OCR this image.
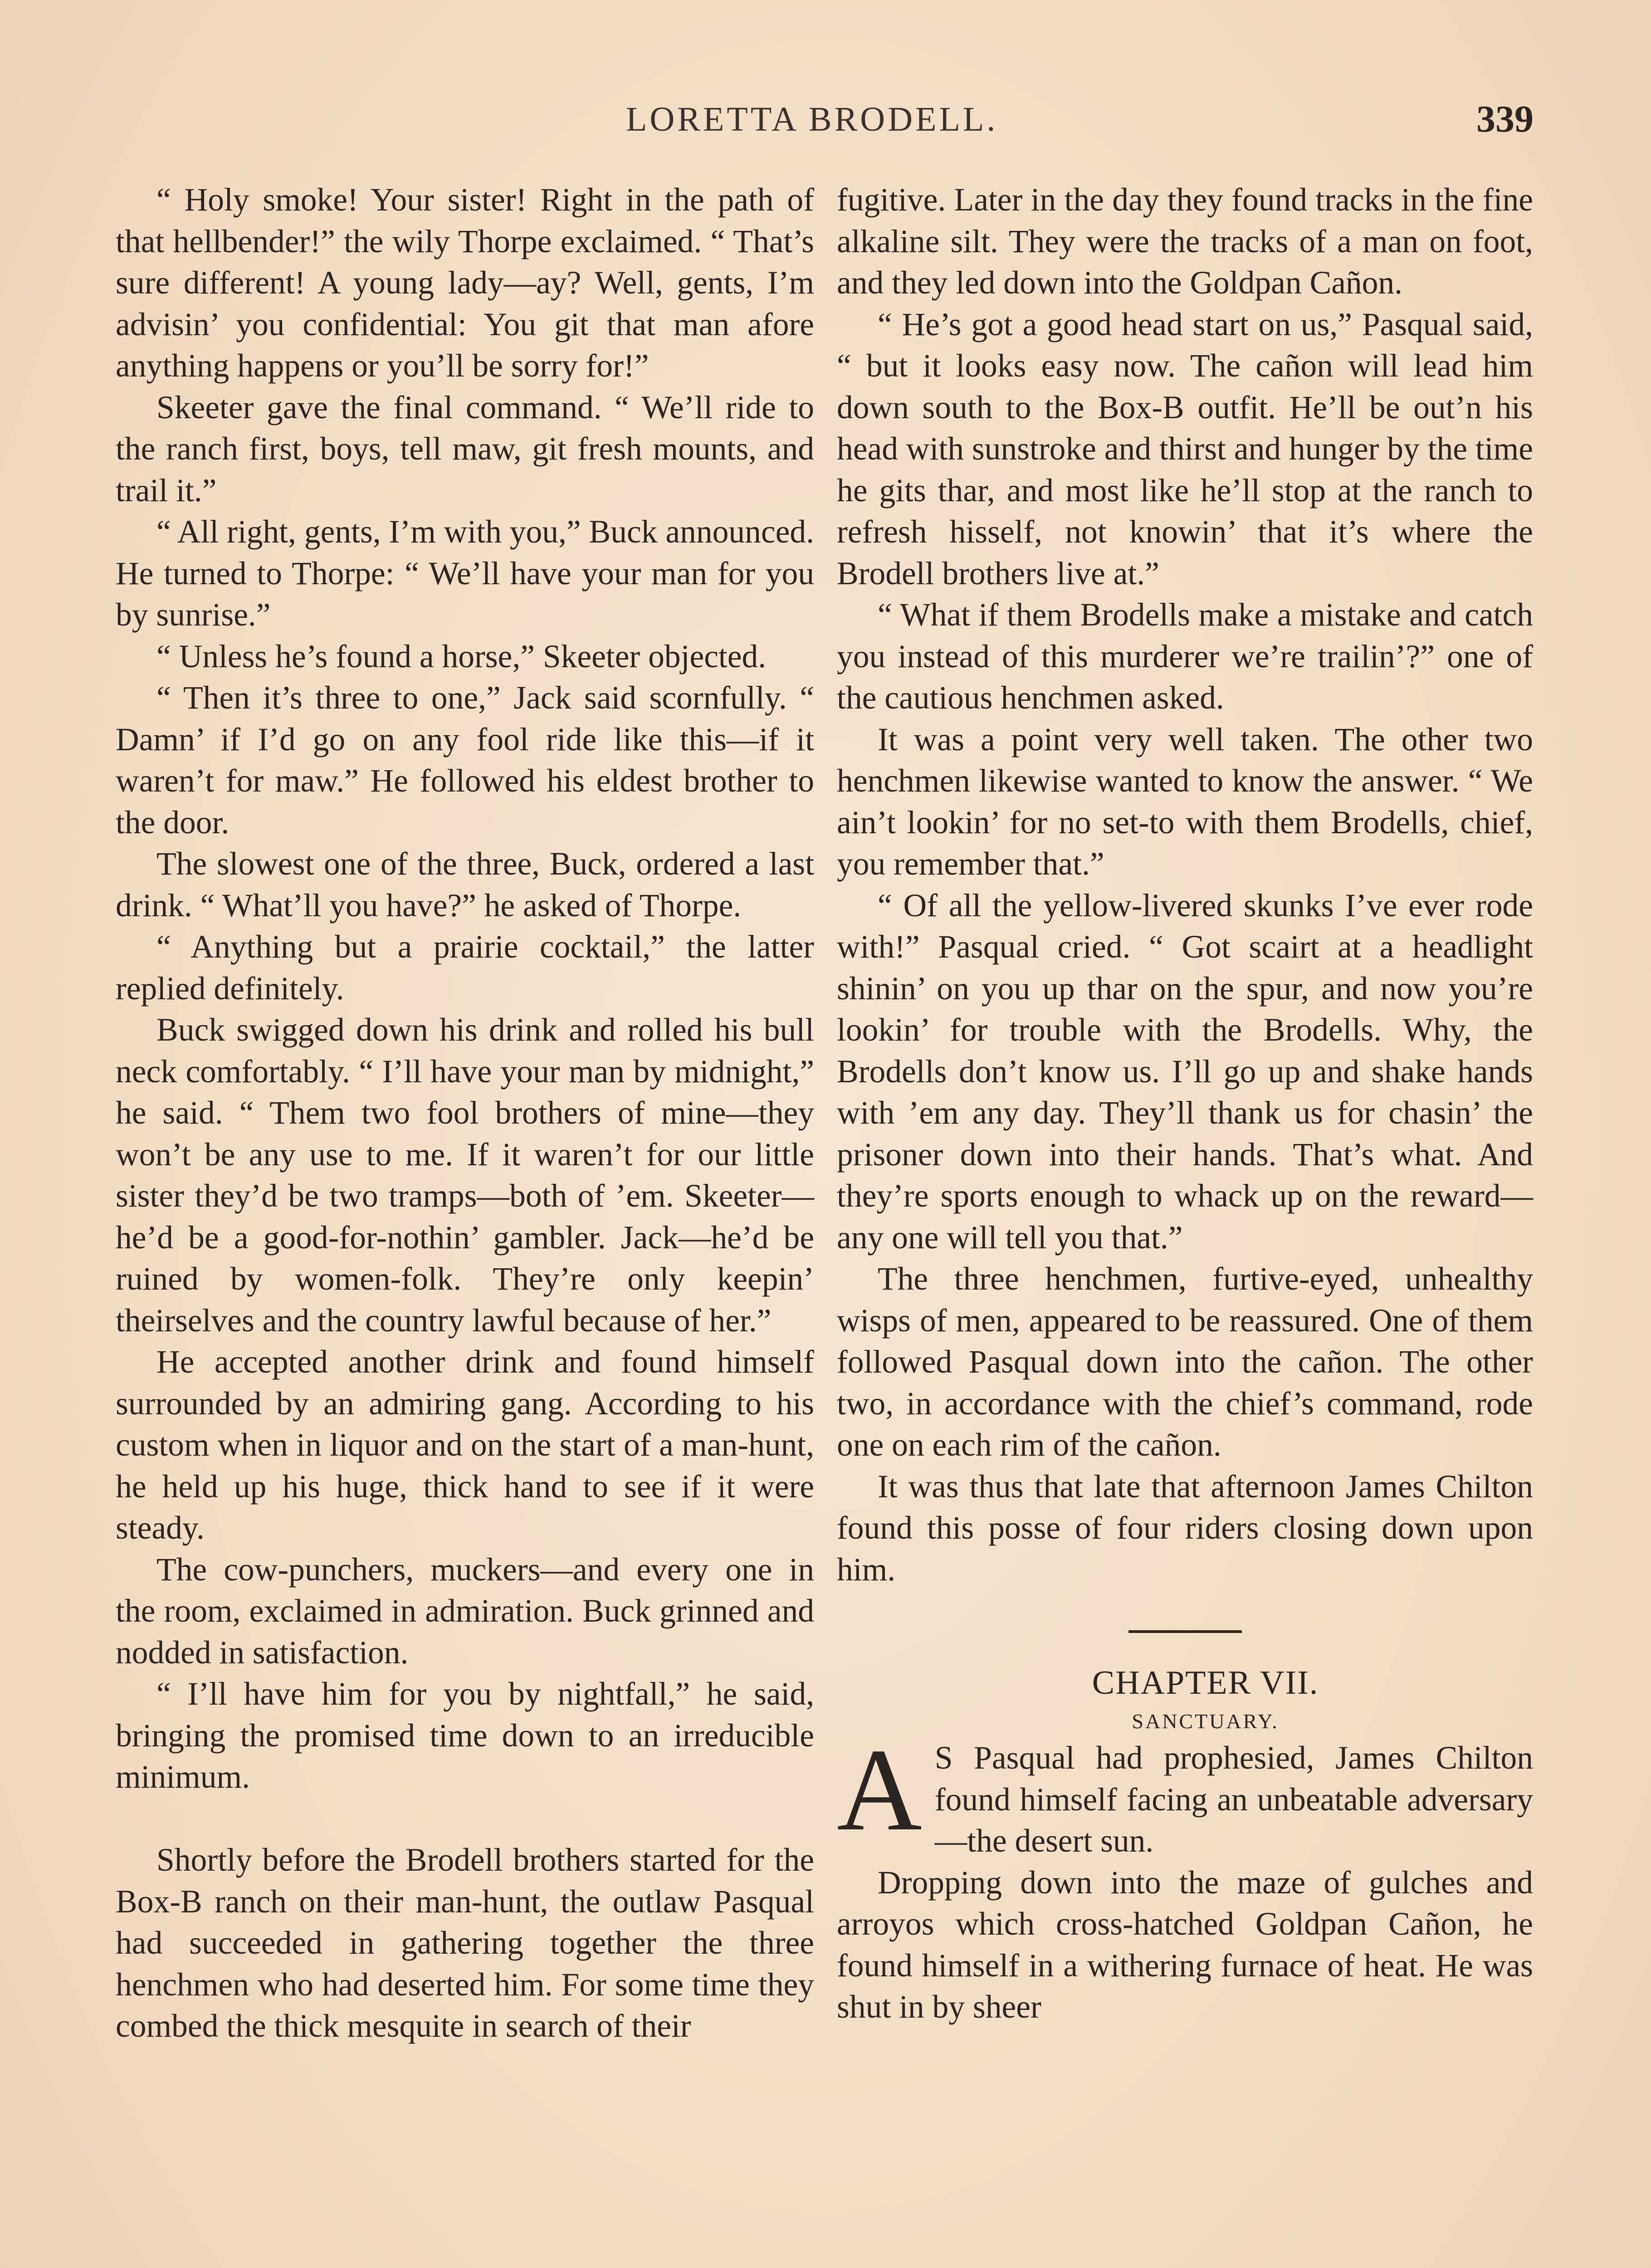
LORETTA BRODELL.	339

“ Holy smoke! Your sister! Right in the path of that hellbender!” the wily Thorpe exclaimed. “ That’s sure different! A young lady—ay? Well, gents, I’m advisin’ you confidential: You git that man afore anything happens or you’ll be sorry for!”

Skeeter gave the final command. “ We’ll ride to the ranch first, boys, tell maw, git fresh mounts, and trail it.”

“ All right, gents, I’m with you,” Buck announced. He turned to Thorpe: “ We’ll have your man for you by sunrise.”

“ Unless he’s found a horse,” Skeeter objected.

“ Then it’s three to one,” Jack said scornfully. “ Damn’ if I’d go on any fool ride like this—if it waren’t for maw.” He followed his eldest brother to the door.

The slowest one of the three, Buck, ordered a last drink. “ What’ll you have?” he asked of Thorpe.

“ Anything but a prairie cocktail,” the latter replied definitely.

Buck swigged down his drink and rolled his bull neck comfortably. “ I’ll have your man by midnight,” he said. “ Them two fool brothers of mine—they won’t be any use to me. If it waren’t for our little sister they’d be two tramps—both of ’em. Skeeter—he’d be a good-for-nothin’ gambler. Jack—he’d be ruined by women-folk. They’re only keepin’ theirselves and the country lawful because of her.”

He accepted another drink and found himself surrounded by an admiring gang. According to his custom when in liquor and on the start of a man-hunt, he held up his huge, thick hand to see if it were steady.

The cow-punchers, muckers—and every one in the room, exclaimed in admiration. Buck grinned and nodded in satisfaction.

“ I’ll have him for you by nightfall,” he said, bringing the promised time down to an irreducible minimum.

Shortly before the Brodell brothers started for the Box-B ranch on their man-hunt, the outlaw Pasqual had succeeded in gathering together the three henchmen who had deserted him. For some time they combed the thick mesquite in search of their

fugitive. Later in the day they found tracks in the fine alkaline silt. They were the tracks of a man on foot, and they led down into the Goldpan Cañon.

“ He’s got a good head start on us,” Pasqual said, “ but it looks easy now. The cañon will lead him down south to the Box-B outfit. He’ll be out’n his head with sunstroke and thirst and hunger by the time he gits thar, and most like he’ll stop at the ranch to refresh hisself, not knowin’ that it’s where the Brodell brothers live at.”

“ What if them Brodells make a mistake and catch you instead of this murderer we’re trailin’?” one of the cautious henchmen asked.

It was a point very well taken. The other two henchmen likewise wanted to know the answer. “ We ain’t lookin’ for no set-to with them Brodells, chief, you remember that.”

“ Of all the yellow-livered skunks I’ve ever rode with!” Pasqual cried. “ Got scairt at a headlight shinin’ on you up thar on the spur, and now you’re lookin’ for trouble with the Brodells. Why, the Brodells don’t know us. I’ll go up and shake hands with ’em any day. They’ll thank us for chasin’ the prisoner down into their hands. That’s what. And they’re sports enough to whack up on the reward—any one will tell you that.”

The three henchmen, furtive-eyed, unhealthy wisps of men, appeared to be reassured. One of them followed Pasqual down into the cañon. The other two, in accordance with the chief’s command, rode one on each rim of the cañon.

It was thus that late that afternoon James Chilton found this posse of four riders closing down upon him.

CHAPTER VII.

SANCTUARY.

A S Pasqual had prophesied, James Chilton found himself facing an unbeatable adversary—the desert sun.

Dropping down into the maze of gulches and arroyos which cross-hatched Goldpan Cañon, he found himself in a withering furnace of heat. He was shut in by sheer
